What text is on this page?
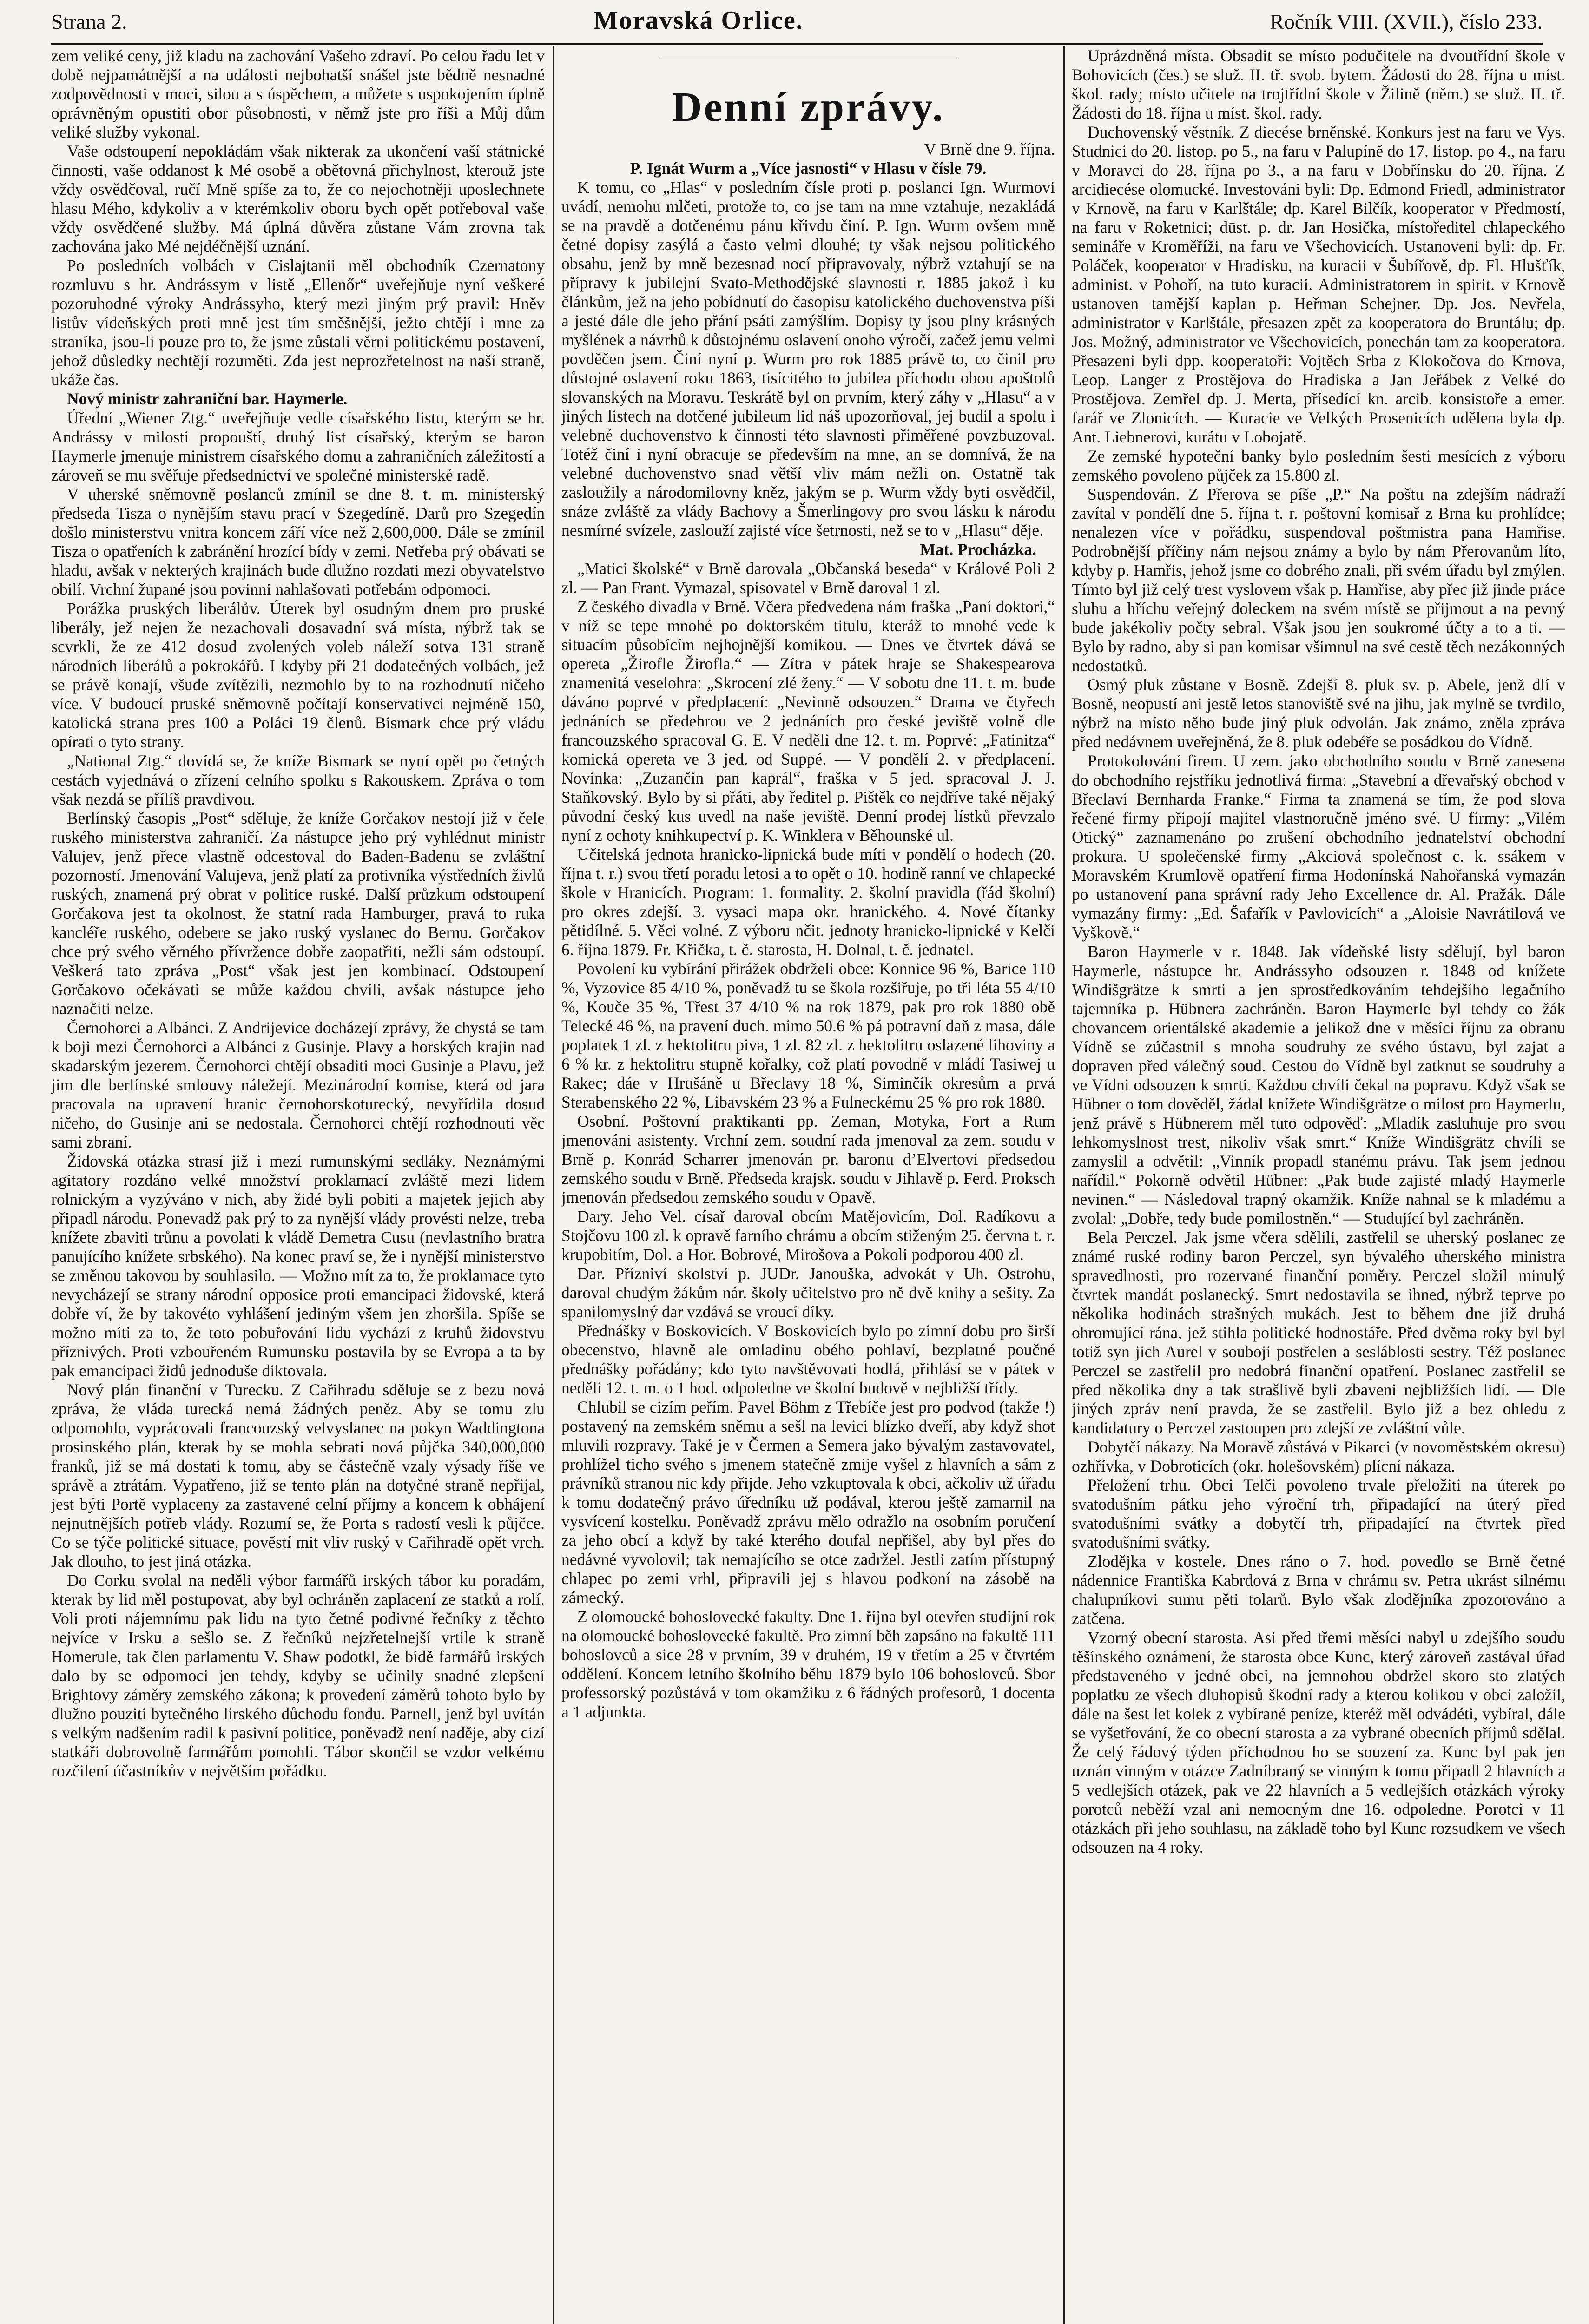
Strana 2.	Moravská Orlice.	Ročník VIII. (XVII.), číslo 233.

zem veliké ceny, již kladu na zachování Vašeho zdraví. Po celou řadu let v době nejpamátnější a na události nejbohatší snášel jste bědně nesnadné zodpovědnosti v moci, silou a s úspěchem, a můžete s uspokojením úplně oprávněným opustiti obor působnosti, v němž jste pro říši a Můj dům veliké služby vykonal.

Vaše odstoupení nepokládám však nikterak za ukončení vaší státnické činnosti, vaše oddanost k Mé osobě a obětovná přichylnost, kterouž jste vždy osvědčoval, ručí Mně spíše za to, že co nejochotněji uposlechnete hlasu Mého, kdykoliv a v kterémkoliv oboru bych opět potřeboval vaše vždy osvědčené služby. Má úplná důvěra zůstane Vám zrovna tak zachována jako Mé nejdéčnější uznání.

Po posledních volbách v Cislajtanii měl obchodník Czernatony rozmluvu s hr. Andrássym v listě „Ellenőr“ uveřejňuje nyní veškeré pozoruhodné výroky Andrássyho, který mezi jiným prý pravil: Hněv listův vídeňských proti mně jest tím směšnější, ježto chtějí i mne za straníka, jsou-li pouze pro to, že jsme zůstali věrni politickému postavení, jehož důsledky nechtějí rozuměti. Zda jest neprozřetelnost na naší straně, ukáže čas.

Nový ministr zahraniční bar. Haymerle.

Úřední „Wiener Ztg.“ uveřejňuje vedle císařského listu, kterým se hr. Andrássy v milosti propouští, druhý list císařský, kterým se baron Haymerle jmenuje ministrem císařského domu a zahraničních záležitostí a zároveň se mu svěřuje předsednictví ve společné ministerské radě.

V uherské sněmovně poslanců zmínil se dne 8. t. m. ministerský předseda Tisza o nynějším stavu prací v Szegedíně. Darů pro Szegedín došlo ministerstvu vnitra koncem září více než 2,600,000. Dále se zmínil Tisza o opatřeních k zabránění hrozící bídy v zemi. Netřeba prý obávati se hladu, avšak v nekterých krajinách bude dlužno rozdati mezi obyvatelstvo obilí. Vrchní župané jsou povinni nahlašovati potřebám odpomoci.

Porážka pruských liberálův. Úterek byl osudným dnem pro pruské liberály, jež nejen že nezachovali dosavadní svá místa, nýbrž tak se scvrkli, že ze 412 dosud zvolených voleb náleží sotva 131 straně národních liberálů a pokrokářů. I kdyby při 21 dodatečných volbách, jež se právě konají, všude zvítězili, nezmohlo by to na rozhodnutí ničeho více. V budoucí pruské sněmovně počítají konservativci nejméně 150, katolická strana pres 100 a Poláci 19 členů. Bismark chce prý vládu opírati o tyto strany.

„National Ztg.“ dovídá se, že kníže Bismark se nyní opět po četných cestách vyjednává o zřízení celního spolku s Rakouskem. Zpráva o tom však nezdá se přílíš pravdivou.

Berlínský časopis „Post“ sděluje, že kníže Gorčakov nestojí již v čele ruského ministerstva zahraničí. Za nástupce jeho prý vyhlédnut ministr Valujev, jenž přece vlastně odcestoval do Baden-Badenu se zvláštní pozorností. Jmenování Valujeva, jenž platí za protivníka výstředních živlů ruských, znamená prý obrat v politice ruské. Další průzkum odstoupení Gorčakova jest ta okolnost, že statní rada Hamburger, pravá to ruka kancléře ruského, odebere se jako ruský vyslanec do Bernu. Gorčakov chce prý svého věrného přívržence dobře zaopatřiti, nežli sám odstoupí. Veškerá tato zpráva „Post“ však jest jen kombinací. Odstoupení Gorčakovo očekávati se může každou chvíli, avšak nástupce jeho naznačiti nelze.

Černohorci a Albánci. Z Andrijevice docházejí zprávy, že chystá se tam k boji mezi Černohorci a Albánci z Gusinje. Plavy a horských krajin nad skadarským jezerem. Černohorci chtějí obsaditi moci Gusinje a Plavu, jež jim dle berlínské smlouvy náležejí. Mezinárodní komise, která od jara pracovala na upravení hranic černohorskoturecký, nevyřídila dosud ničeho, do Gusinje ani se nedostala. Černohorci chtějí rozhodnouti věc sami zbraní.

Židovská otázka strasí již i mezi rumunskými sedláky. Neznámými agitatory rozdáno velké množství proklamací zvláště mezi lidem rolnickým a vyzýváno v nich, aby židé byli pobiti a majetek jejich aby připadl národu. Ponevadž pak prý to za nynější vlády provésti nelze, treba knížete zbaviti trůnu a povolati k vládě Demetra Cusu (nevlastního bratra panujícího knížete srbského). Na konec praví se, že i nynější ministerstvo se změnou takovou by souhlasilo. — Možno mít za to, že proklamace tyto nevycházejí se strany národní opposice proti emancipaci židovské, která dobře ví, že by takovéto vyhlášení jediným všem jen zhoršila. Spíše se možno míti za to, že toto pobuřování lidu vychází z kruhů židovstvu příznivých. Proti vzbouřeném Rumunsku postavila by se Evropa a ta by pak emancipaci židů jednoduše diktovala.

Nový plán finanční v Turecku. Z Cařihradu sděluje se z bezu nová zpráva, že vláda turecká nemá žádných peněz. Aby se tomu zlu odpomohlo, vyprácovali francouzský velvyslanec na pokyn Waddingtona prosinského plán, kterak by se mohla sebrati nová půjčka 340,000,000 franků, již se má dostati k tomu, aby se částečně vzaly výsady říše ve správě a ztrátám. Vypatřeno, již se tento plán na dotyčné straně nepřijal, jest býti Portě vyplaceny za zastavené celní příjmy a koncem k obhájení nejnutnějších potřeb vlády. Rozumí se, že Porta s radostí vesli k půjčce. Co se týče politické situace, pověstí mit vliv ruský v Cařihradě opět vrch. Jak dlouho, to jest jiná otázka.

Do Corku svolal na neděli výbor farmářů irských tábor ku poradám, kterak by lid měl postupovat, aby byl ochráněn zaplacení ze statků a rolí. Voli proti nájemnímu pak lidu na tyto četné podivné řečníky z těchto nejvíce v Irsku a sešlo se. Z řečníků nejzřetelnejší vrtile k straně Homerule, tak člen parlamentu V. Shaw podotkl, že bídě farmářů irských dalo by se odpomoci jen tehdy, kdyby se učinily snadné zlepšení Brightovy záměry zemského zákona; k provedení záměrů tohoto bylo by dlužno pouziti bytečného lirského důchodu fondu. Parnell, jenž byl uvítán s velkým nadšením radil k pasivní politice, poněvadž není naděje, aby cizí statkáři dobrovolně farmářům pomohli. Tábor skončil se vzdor velkému rozčilení účastníkův v největším pořádku.

Denní zprávy.

V Brně dne 9. října.

P. Ignát Wurm a „Více jasnosti“ v Hlasu v čísle 79.

K tomu, co „Hlas“ v posledním čísle proti p. poslanci Ign. Wurmovi uvádí, nemohu mlčeti, protože to, co jse tam na mne vztahuje, nezakládá se na pravdě a dotčenému pánu křivdu činí. P. Ign. Wurm ovšem mně četné dopisy zasýlá a často velmi dlouhé; ty však nejsou politického obsahu, jenž by mně bezesnad nocí připravovaly, nýbrž vztahují se na přípravy k jubilejní Svato-Methodějské slavnosti r. 1885 jakož i ku článkům, jež na jeho pobídnutí do časopisu katolického duchovenstva píši a jesté dále dle jeho přání psáti zamýšlím. Dopisy ty jsou plny krásných myšlének a návrhů k důstojnému oslavení onoho výročí, začež jemu velmi povděčen jsem. Činí nyní p. Wurm pro rok 1885 právě to, co činil pro důstojné oslavení roku 1863, tisícitého to jubilea příchodu obou apoštolů slovanských na Moravu. Teskrátě byl on prvním, který záhy v „Hlasu“ a v jiných listech na dotčené jubileum lid náš upozorňoval, jej budil a spolu i velebné duchovenstvo k činnosti této slavnosti přiměřené povzbuzoval. Totéž činí i nyní obracuje se především na mne, an se domnívá, že na velebné duchovenstvo snad větší vliv mám nežli on. Ostatně tak zasloužily a národomilovny kněz, jakým se p. Wurm vždy byti osvědčil, snáze zvláště za vlády Bachovy a Šmerlingovy pro svou lásku k národu nesmírné svízele, zaslouží zajisté více šetrnosti, než se to v „Hlasu“ děje.

Mat. Procházka.

„Matici školské“ v Brně darovala „Občanská beseda“ v Králové Poli 2 zl. — Pan Frant. Vymazal, spisovatel v Brně daroval 1 zl.

Z českého divadla v Brně. Včera předvedena nám fraška „Paní doktori,“ v níž se tepe mnohé po doktorském titulu, kteráž to mnohé vede k situacím působícím nejhojnější komikou. — Dnes ve čtvrtek dává se opereta „Žirofle Žirofla.“ — Zítra v pátek hraje se Shakespearova znamenitá veselohra: „Skrocení zlé ženy.“ — V sobotu dne 11. t. m. bude dáváno poprvé v předplacení: „Nevinně odsouzen.“ Drama ve čtyřech jednáních se předehrou ve 2 jednáních pro české jeviště volně dle francouzského spracoval G. E. V neděli dne 12. t. m. Poprvé: „Fatinitza“ komická opereta ve 3 jed. od Suppé. — V pondělí 2. v předplacení. Novinka: „Zuzančin pan kaprál“, fraška v 5 jed. spracoval J. J. Staňkovský. Bylo by si přáti, aby ředitel p. Pištěk co nejdříve také nějaký původní český kus uvedl na naše jeviště. Denní prodej lístků převzalo nyní z ochoty knihkupectví p. K. Winklera v Běhounské ul.

Učitelská jednota hranicko-lipnická bude míti v pondělí o hodech (20. října t. r.) svou třetí poradu letosi a to opět o 10. hodině ranní ve chlapecké škole v Hranicích. Program: 1. formality. 2. školní pravidla (řád školní) pro okres zdejší. 3. vysaci mapa okr. hranického. 4. Nové čítanky pětidílné. 5. Věci volné. Z výboru nčit. jednoty hranicko-lipnické v Kelči 6. října 1879. Fr. Křička, t. č. starosta, H. Dolnal, t. č. jednatel.

Povolení ku vybírání přirážek obdrželi obce: Konnice 96 %, Barice 110 %, Vyzovice 85 4/10 %, poněvadž tu se škola rozšiřuje, po tři léta 55 4/10 %, Kouče 35 %, Třest 37 4/10 % na rok 1879, pak pro rok 1880 obě Telecké 46 %, na pravení duch. mimo 50.6 % pá potravní daň z masa, dále poplatek 1 zl. z hektolitru piva, 1 zl. 82 zl. z hektolitru oslazené lihoviny a 6 % kr. z hektolitru stupně kořalky, což platí povodně v mládí Tasiwej u Rakec; dáe v Hrušáně u Břeclavy 18 %, Siminčík okresům a prvá Sterabenského 22 %, Libavském 23 % a Fulneckému 25 % pro rok 1880.

Osobní. Poštovní praktikanti pp. Zeman, Motyka, Fort a Rum jmenováni asistenty. Vrchní zem. soudní rada jmenoval za zem. soudu v Brně p. Konrád Scharrer jmenován pr. baronu d’Elvertovi předsedou zemského soudu v Brně. Předseda krajsk. soudu v Jihlavě p. Ferd. Proksch jmenován předsedou zemského soudu v Opavě.

Dary. Jeho Vel. císař daroval obcím Matějovicím, Dol. Radíkovu a Stojčovu 100 zl. k opravě farního chrámu a obcím stiženým 25. června t. r. krupobitím, Dol. a Hor. Bobrové, Mirošova a Pokoli podporou 400 zl.

Dar. Přízniví skolství p. JUDr. Janouška, advokát v Uh. Ostrohu, daroval chudým žákům nár. školy učitelstvo pro ně dvě knihy a sešity. Za spanilomyslný dar vzdává se vroucí díky.

Přednášky v Boskovicích. V Boskovicích bylo po zimní dobu pro širší obecenstvo, hlavně ale omladinu obého pohlaví, bezplatné poučné přednášky pořádány; kdo tyto navštěvovati hodlá, přihlásí se v pátek v neděli 12. t. m. o 1 hod. odpoledne ve školní budově v nejbližší třídy.

Chlubil se cizím peřím. Pavel Böhm z Třebíče jest pro podvod (takže !) postavený na zemském sněmu a sešl na levici blízko dveří, aby když shot mluvili rozpravy. Také je v Čermen a Semera jako bývalým zastavovatel, prohlížel ticho svého s jmenem statečně zmije vyšel z hlavních a sám z právníků stranou nic kdy přijde. Jeho vzkuptovala k obci, ačkoliv už úřadu k tomu dodatečný právo úředníku už podával, kterou ještě zamarnil na vysvícení kostelku. Poněvadž zprávu mělo odražlo na osobním poručení za jeho obcí a když by také kterého doufal nepřišel, aby byl přes do nedávné vyvolovil; tak nemajícího se otce zadržel. Jestli zatím přístupný chlapec po zemi vrhl, připravili jej s hlavou podkoní na zásobě na zámecký.

Z olomoucké bohoslovecké fakulty. Dne 1. října byl otevřen studijní rok na olomoucké bohoslovecké fakultě. Pro zimní běh zapsáno na fakultě 111 bohoslovců a sice 28 v prvním, 39 v druhém, 19 v třetím a 25 v čtvrtém oddělení. Koncem letního školního běhu 1879 bylo 106 bohoslovců. Sbor professorský pozůstává v tom okamžiku z 6 řádných profesorů, 1 docenta a 1 adjunkta.

Uprázdněná místa. Obsadit se místo podučitele na dvoutřídní škole v Bohovicích (čes.) se služ. II. tř. svob. bytem. Žádosti do 28. října u míst. škol. rady; místo učitele na trojtřídní škole v Žilině (něm.) se služ. II. tř. Žádosti do 18. října u míst. škol. rady.

Duchovenský věstník. Z diecése brněnské. Konkurs jest na faru ve Vys. Studnici do 20. listop. po 5., na faru v Palupíně do 17. listop. po 4., na faru v Moravci do 28. října po 3., a na faru v Dobřínsku do 20. října. Z arcidiecése olomucké. Investováni byli: Dp. Edmond Friedl, administrator v Krnově, na faru v Karlštále; dp. Karel Bilčík, kooperator v Předmostí, na faru v Roketnici; dūst. p. dr. Jan Hosička, místoředitel chlapeckého semináře v Kroměříži, na faru ve Všechovicích. Ustanoveni byli: dp. Fr. Poláček, kooperator v Hradisku, na kuracii v Šubířově, dp. Fl. Hlušťík, administ. v Pohoří, na tuto kuracii. Administratorem in spirit. v Krnově ustanoven tamější kaplan p. Heřman Schejner. Dp. Jos. Nevřela, administrator v Karlštále, přesazen zpět za kooperatora do Bruntálu; dp. Jos. Možný, administrator ve Všechovicích, ponechán tam za kooperatora. Přesazeni byli dpp. kooperatoři: Vojtěch Srba z Klokočova do Krnova, Leop. Langer z Prostějova do Hradiska a Jan Jeřábek z Velké do Prostějova. Zemřel dp. J. Merta, přísedící kn. arcib. konsistoře a emer. farář ve Zlonicích. — Kuracie ve Velkých Prosenicích udělena byla dp. Ant. Liebnerovi, kurátu v Lobojatě.

Ze zemské hypoteční banky bylo posledním šesti mesících z výboru zemského povoleno půjček za 15.800 zl.

Suspendován. Z Přerova se píše „P.“ Na poštu na zdejším nádraží zavítal v pondělí dne 5. října t. r. poštovní komisař z Brna ku prohlídce; nenalezen více v pořádku, suspendoval poštmistra pana Hamřise. Podrobnější příčiny nám nejsou známy a bylo by nám Přerovanům líto, kdyby p. Hamřis, jehož jsme co dobrého znali, při svém úřadu byl zmýlen. Tímto byl již celý trest vyslovem však p. Hamřise, aby přec již jinde práce sluhu a hříchu veřejný doleckem na svém místě se přijmout a na pevný bude jakékoliv počty sebral. Však jsou jen soukromé účty a to a ti. — Bylo by radno, aby si pan komisar všimnul na své cestě těch nezákonných nedostatků.

Osmý pluk zůstane v Bosně. Zdejší 8. pluk sv. p. Abele, jenž dlí v Bosně, neopustí ani jestě letos stanoviště své na jihu, jak mylně se tvrdilo, nýbrž na místo něho bude jiný pluk odvolán. Jak známo, zněla zpráva před nedávnem uveřejněná, že 8. pluk odebéře se posádkou do Vídně.

Protokolování firem. U zem. jako obchodního soudu v Brně zanesena do obchodního rejstříku jednotlivá firma: „Stavební a dřevařský obchod v Břeclavi Bernharda Franke.“ Firma ta znamená se tím, že pod slova řečené firmy připojí majitel vlastnoručně jméno své. U firmy: „Vilém Otický“ zaznamenáno po zrušení obchodního jednatelství obchodní prokura. U společenské firmy „Akciová společnost c. k. ssákem v Moravském Krumlově opatření firma Hodonínská Nahořanská vymazán po ustanovení pana správní rady Jeho Excellence dr. Al. Pražák. Dále vymazány firmy: „Ed. Šafařík v Pavlovicích“ a „Aloisie Navrátilová ve Vyškově.“

Baron Haymerle v r. 1848. Jak vídeňské listy sdělují, byl baron Haymerle, nástupce hr. Andrássyho odsouzen r. 1848 od knížete Windišgrätze k smrti a jen sprostředkováním tehdejšího legačního tajemníka p. Hübnera zachráněn. Baron Haymerle byl tehdy co žák chovancem orientálské akademie a jelikož dne v měsíci říjnu za obranu Vídně se zúčastnil s mnoha soudruhy ze svého ústavu, byl zajat a dopraven před válečný soud. Cestou do Vídně byl zatknut se soudruhy a ve Vídni odsouzen k smrti. Každou chvíli čekal na popravu. Když však se Hübner o tom dověděl, žádal knížete Windišgrätze o milost pro Haymerlu, jenž právě s Hübnerem měl tuto odpověď: „Mladík zasluhuje pro svou lehkomyslnost trest, nikoliv však smrt.“ Kníže Windišgrätz chvíli se zamyslil a odvětil: „Vinník propadl stanému právu. Tak jsem jednou nařídil.“ Pokorně odvětil Hübner: „Pak bude zajisté mladý Haymerle nevinen.“ — Následoval trapný okamžik. Kníže nahnal se k mladému a zvolal: „Dobře, tedy bude pomilostněn.“ — Studující byl zachráněn.

Bela Perczel. Jak jsme včera sdělili, zastřelil se uherský poslanec ze známé ruské rodiny baron Perczel, syn bývalého uherského ministra spravedlnosti, pro rozervané finanční poměry. Perczel složil minulý čtvrtek mandát poslanecký. Smrt nedostavila se ihned, nýbrž teprve po několika hodinách strašných mukách. Jest to během dne již druhá ohromující rána, jež stihla politické hodnostáře. Před dvěma roky byl byl totiž syn jich Aurel v souboji postřelen a sesláblosti sestry. Též poslanec Perczel se zastřelil pro nedobrá finanční opatření. Poslanec zastřelil se před několika dny a tak strašlivě byli zbaveni nejbližších lidí. — Dle jiných zpráv není pravda, že se zastřelil. Bylo již a bez ohledu z kandidatury o Perczel zastoupen pro zdejší ze zvláštní vůle.

Dobytčí nákazy. Na Moravě zůstává v Pikarci (v novoměstském okresu) ozhřívka, v Dobroticích (okr. holešovském) plícní nákaza.

Přeložení trhu. Obci Telči povoleno trvale přeložiti na úterek po svatodušním pátku jeho výroční trh, připadající na úterý před svatodušními svátky a dobytčí trh, připadající na čtvrtek před svatodušními svátky.

Zlodějka v kostele. Dnes ráno o 7. hod. povedlo se Brně četné nádennice Františka Kabrdová z Brna v chrámu sv. Petra ukrást silnému chalupníkovi sumu pěti tolarů. Bylo však zlodějníka zpozorováno a zatčena.

Vzorný obecní starosta. Asi před třemi měsíci nabyl u zdejšího soudu těšínského oznámení, že starosta obce Kunc, který zároveň zastával úřad představeného v jedné obci, na jemnohou obdržel skoro sto zlatých poplatku ze všech dluhopisů škodní rady a kterou kolikou v obci založil, dále na šest let kolek z vybírané peníze, kteréž měl odvádéti, vybíral, dále se vyšetřování, že co obecní starosta a za vybrané obecních příjmů sdělal. Že celý řádový týden příchodnou ho se souzení za. Kunc byl pak jen uznán vinným v otázce Zadníbraný se vinným k tomu připadl 2 hlavních a 5 vedlejších otázek, pak ve 22 hlavních a 5 vedlejších otázkách výroky porotců neběží vzal ani nemocným dne 16. odpoledne. Porotci v 11 otázkách při jeho souhlasu, na základě toho byl Kunc rozsudkem ve všech odsouzen na 4 roky.
